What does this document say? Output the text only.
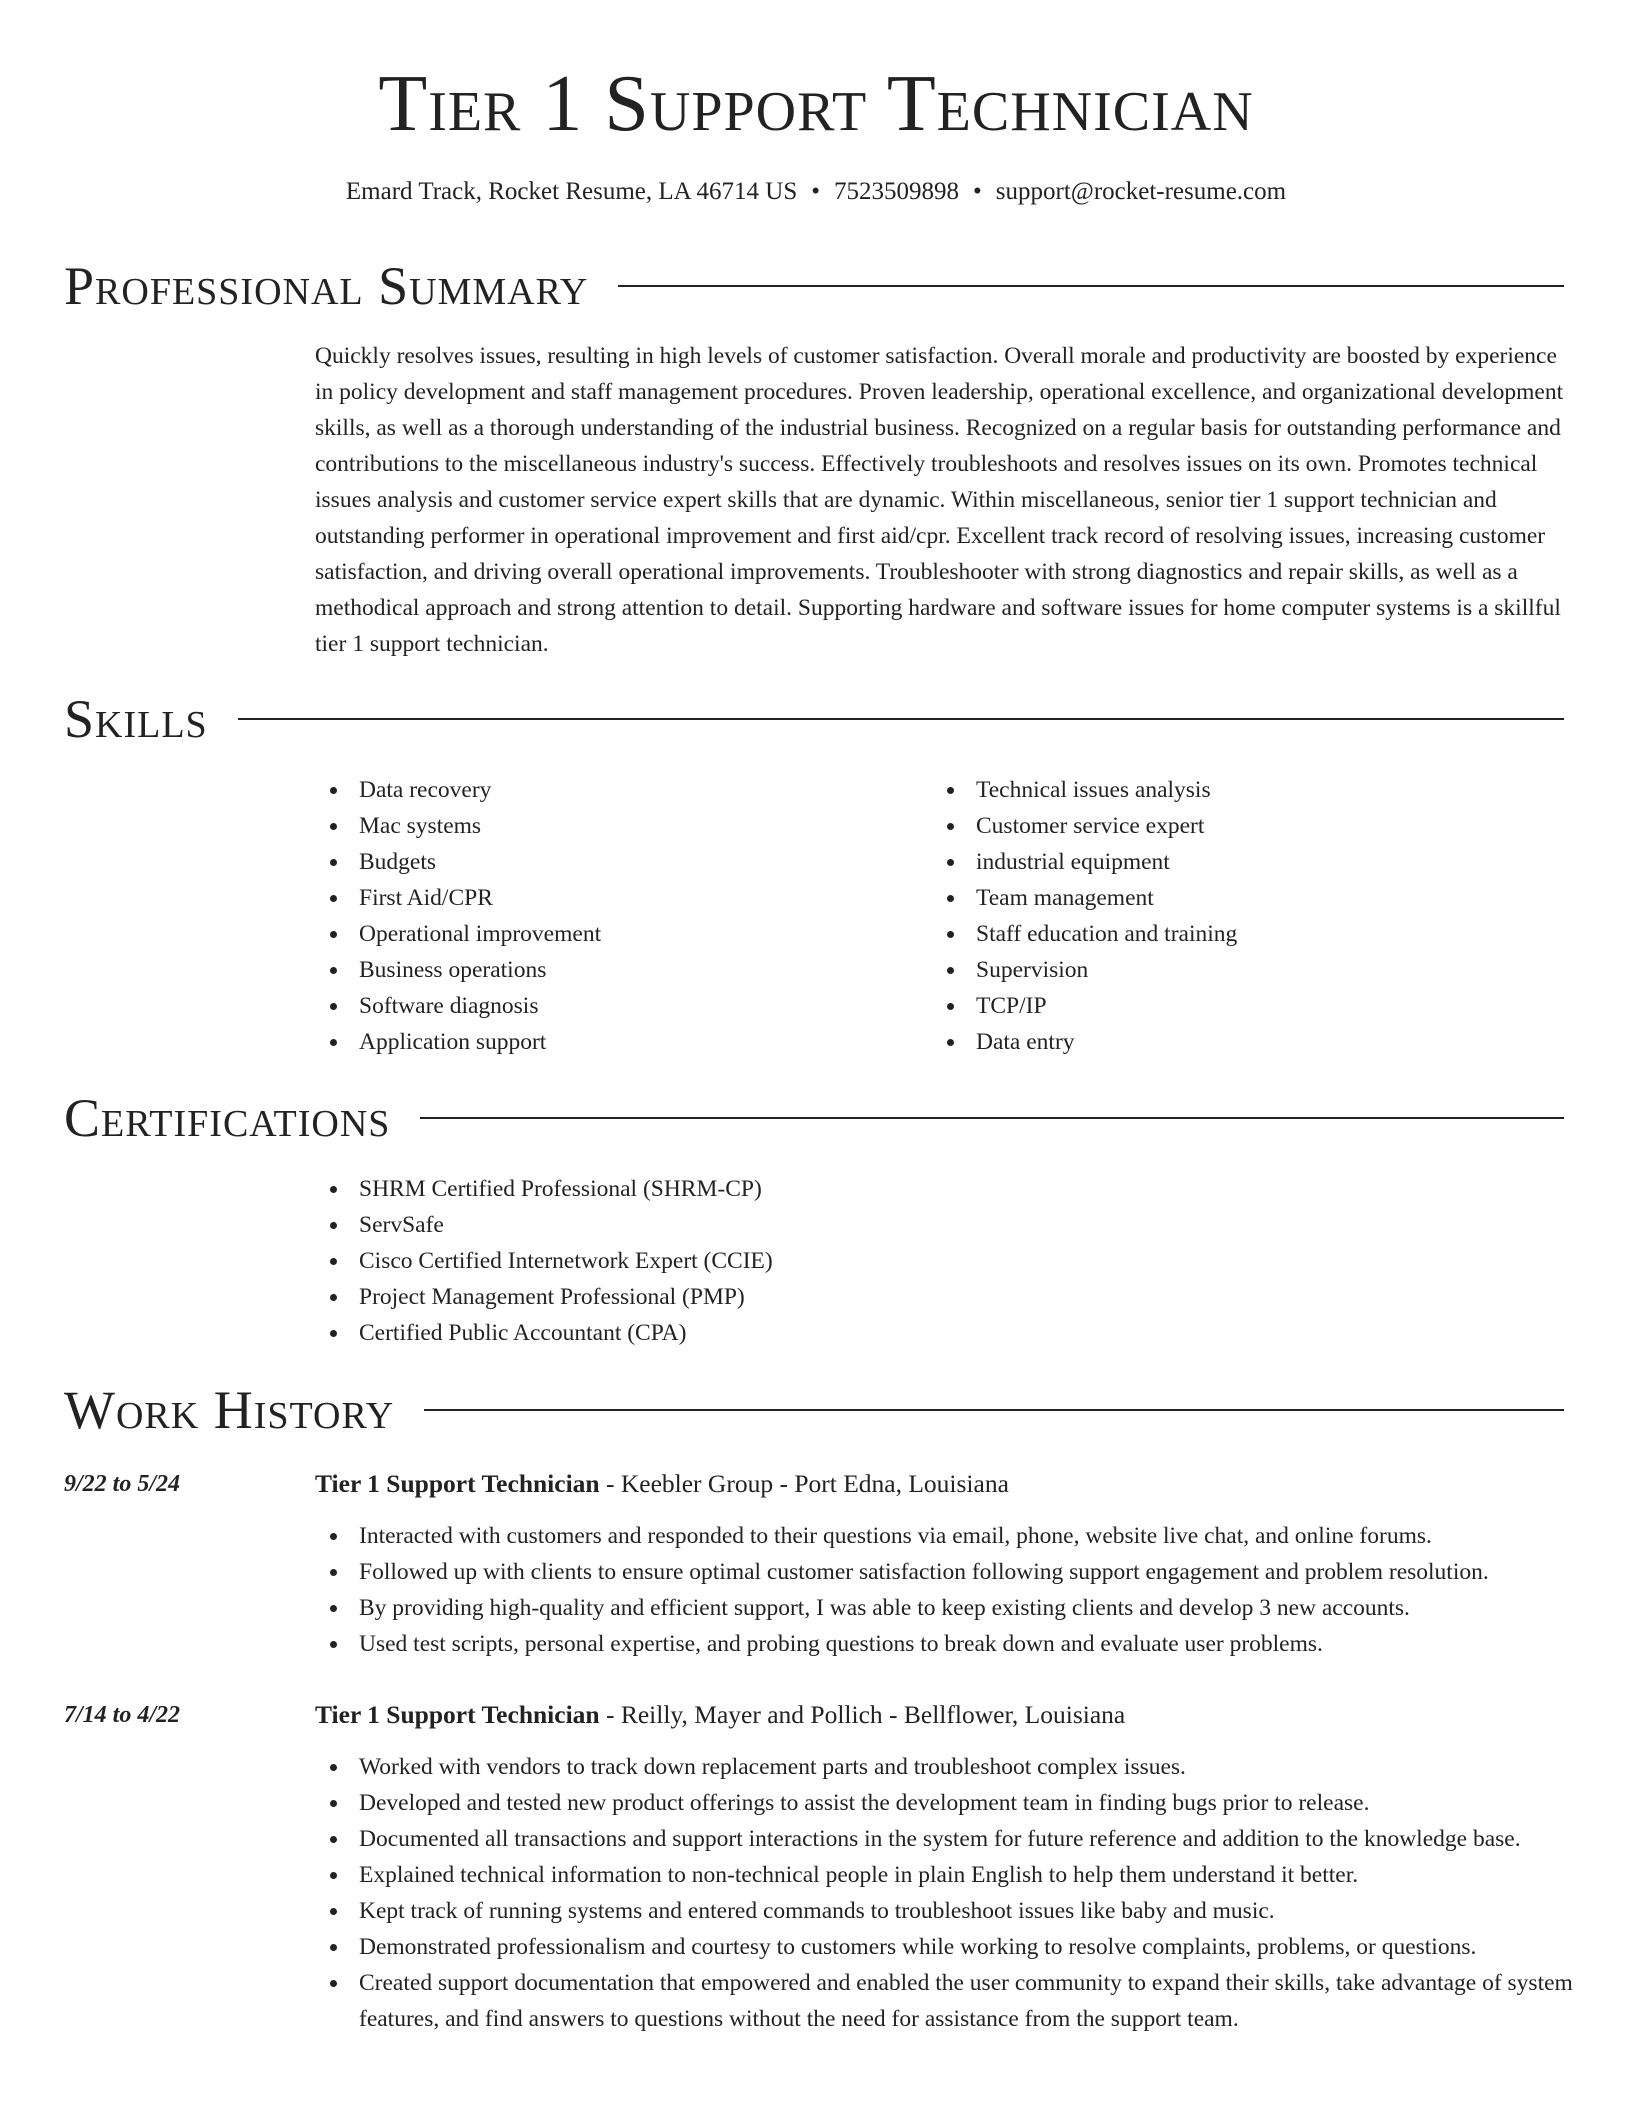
Tier 1 Support Technician
Emard Track, Rocket Resume, LA 46714 US • 7523509898 • support@rocket-resume.com
Professional Summary

Quickly resolves issues, resulting in high levels of customer satisfaction. Overall morale and productivity are boosted by experience in policy development and staff management procedures. Proven leadership, operational excellence, and organizational development skills, as well as a thorough understanding of the industrial business. Recognized on a regular basis for outstanding performance and contributions to the miscellaneous industry's success. Effectively troubleshoots and resolves issues on its own. Promotes technical issues analysis and customer service expert skills that are dynamic. Within miscellaneous, senior tier 1 support technician and outstanding performer in operational improvement and first aid/cpr. Excellent track record of resolving issues, increasing customer satisfaction, and driving overall operational improvements. Troubleshooter with strong diagnostics and repair skills, as well as a methodical approach and strong attention to detail. Supporting hardware and software issues for home computer systems is a skillful tier 1 support technician.

Skills
Data recovery
Mac systems
Budgets
First Aid/CPR
Operational improvement
Business operations
Software diagnosis
Application support
Technical issues analysis
Customer service expert
industrial equipment
Team management
Staff education and training
Supervision
TCP/IP
Data entry
Certifications
SHRM Certified Professional (SHRM-CP)
ServSafe
Cisco Certified Internetwork Expert (CCIE)
Project Management Professional (PMP)
Certified Public Accountant (CPA)
Work History
9/22 to 5/24	Tier 1 Support Technician - Keebler Group - Port Edna, Louisiana
Interacted with customers and responded to their questions via email, phone, website live chat, and online forums.
Followed up with clients to ensure optimal customer satisfaction following support engagement and problem resolution.
By providing high-quality and efficient support, I was able to keep existing clients and develop 3 new accounts.
Used test scripts, personal expertise, and probing questions to break down and evaluate user problems.
7/14 to 4/22	Tier 1 Support Technician - Reilly, Mayer and Pollich - Bellflower, Louisiana
Worked with vendors to track down replacement parts and troubleshoot complex issues.
Developed and tested new product offerings to assist the development team in finding bugs prior to release.
Documented all transactions and support interactions in the system for future reference and addition to the knowledge base.
Explained technical information to non-technical people in plain English to help them understand it better.
Kept track of running systems and entered commands to troubleshoot issues like baby and music.
Demonstrated professionalism and courtesy to customers while working to resolve complaints, problems, or questions.
Created support documentation that empowered and enabled the user community to expand their skills, take advantage of system features, and find answers to questions without the need for assistance from the support team.
